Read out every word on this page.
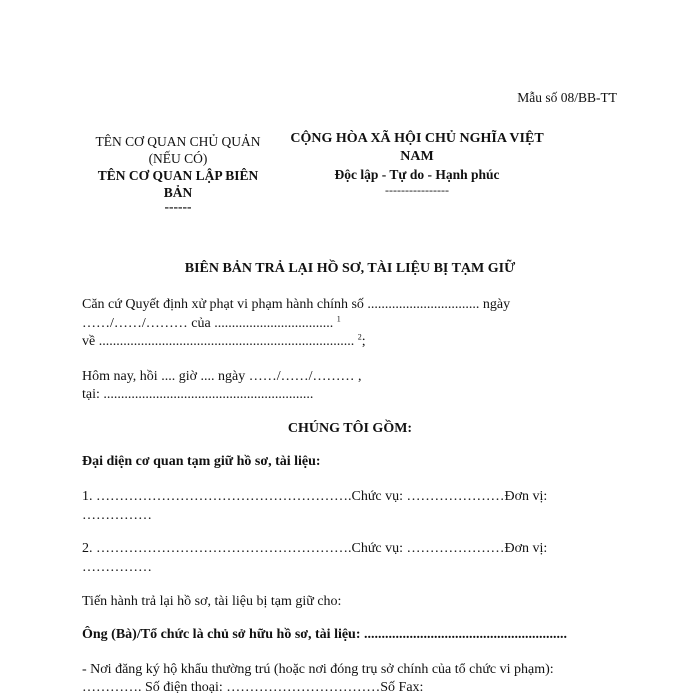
Mẫu số 08/BB-TT
TÊN CƠ QUAN CHỦ QUẢN
(NẾU CÓ)
TÊN CƠ QUAN LẬP BIÊN BẢN
------
CỘNG HÒA XÃ HỘI CHỦ NGHĨA VIỆT NAM
Độc lập - Tự do - Hạnh phúc
----------------
BIÊN BẢN TRẢ LẠI HỒ SƠ, TÀI LIỆU BỊ TẠM GIỮ
Căn cứ Quyết định xử phạt vi phạm hành chính số ................................ ngày
……/……/……… của .................................. $^1$
về ......................................................................... $^2$;
Hôm nay, hồi .... giờ .... ngày ……/……/……… ,
tại: ............................................................
CHÚNG TÔI GỒM:
Đại diện cơ quan tạm giữ hồ sơ, tài liệu:
1. ……………………………………………….Chức vụ: …………………Đơn vị:
……………
2. ……………………………………………….Chức vụ: …………………Đơn vị:
……………
Tiến hành trả lại hồ sơ, tài liệu bị tạm giữ cho:
Ông (Bà)/Tổ chức là chủ sở hữu hồ sơ, tài liệu: ..........................................................
- Nơi đăng ký hộ khẩu thường trú (hoặc nơi đóng trụ sở chính của tổ chức vi phạm):
…………. Số điện thoại: ……………………………Số Fax:
